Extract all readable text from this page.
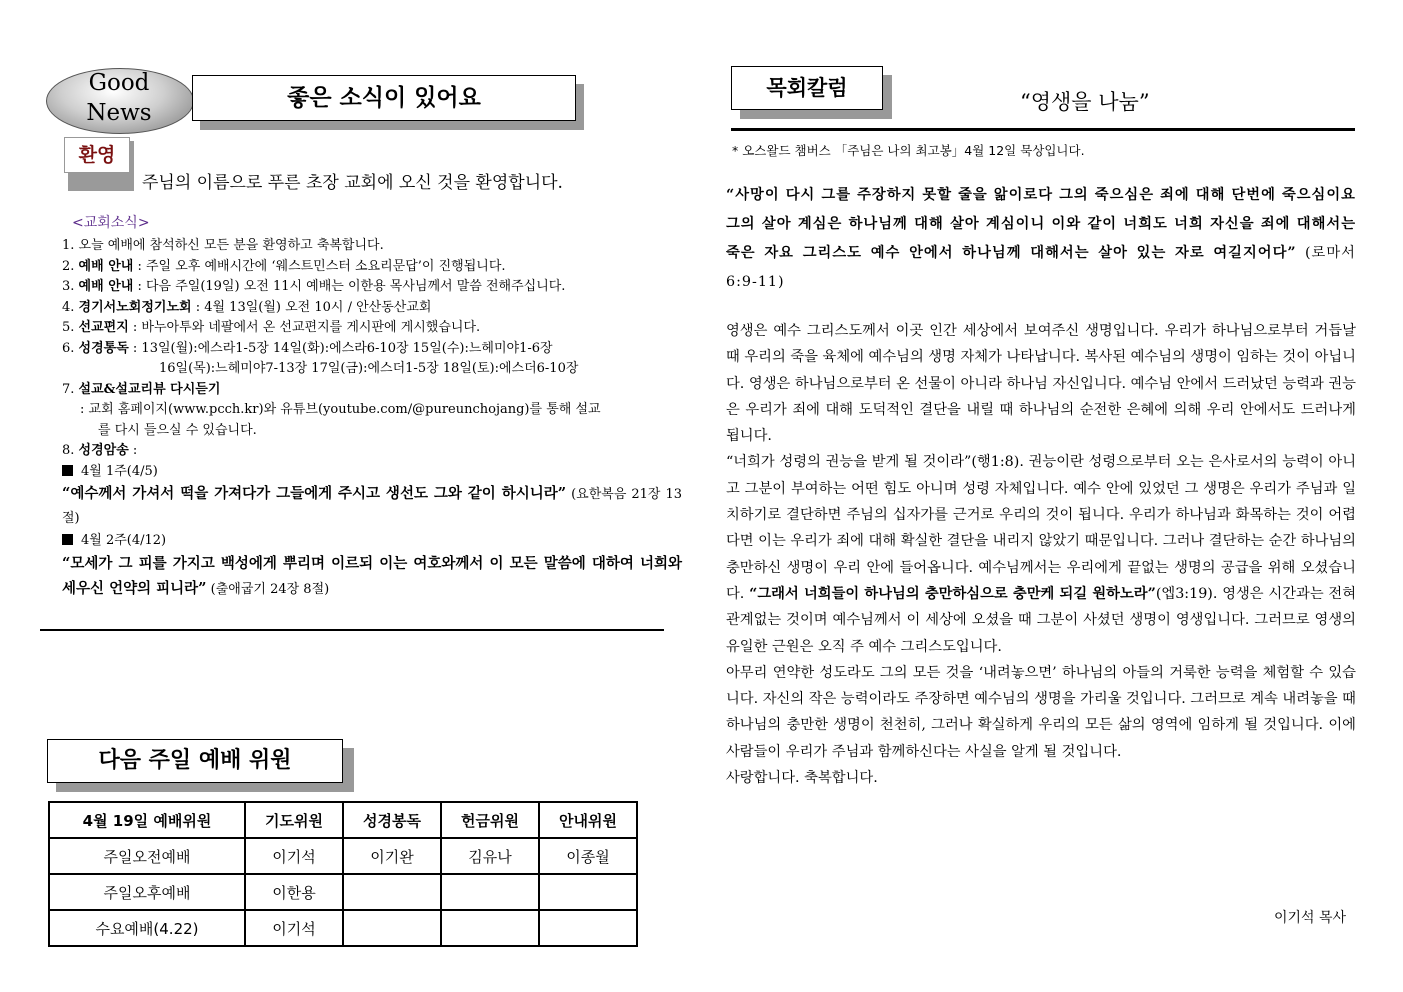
Good
News
좋은 소식이 있어요
환영
주님의 이름으로 푸른 초장 교회에 오신 것을 환영합니다.
<교회소식>
1. 오늘 예배에 참석하신 모든 분을 환영하고 축복합니다.
2. 예배 안내 : 주일 오후 예배시간에 ‘웨스트민스터 소요리문답’이 진행됩니다.
3. 예배 안내 : 다음 주일(19일) 오전 11시 예배는 이한용 목사님께서 말씀 전해주십니다.
4. 경기서노회정기노회 : 4월 13일(월) 오전 10시 / 안산동산교회
5. 선교편지 : 바누아투와 네팔에서 온 선교편지를 게시판에 게시했습니다.
6. 성경통독 : 13일(월):에스라1-5장 14일(화):에스라6-10장 15일(수):느헤미야1-6장
16일(목):느헤미야7-13장 17일(금):에스더1-5장 18일(토):에스더6-10장
7. 설교&설교리뷰 다시듣기
: 교회 홈페이지(www.pcch.kr)와 유튜브(youtube.com/@pureunchojang)를 통해 설교
를 다시 들으실 수 있습니다.
8. 성경암송 :
4월 1주(4/5)
“예수께서 가셔서 떡을 가져다가 그들에게 주시고 생선도 그와 같이 하시니라” (요한복음 21장 13절)
4월 2주(4/12)
“모세가 그 피를 가지고 백성에게 뿌리며 이르되 이는 여호와께서 이 모든 말씀에 대하여 너희와 세우신 언약의 피니라” (출애굽기 24장 8절)
다음 주일 예배 위원
4월 19일 예배위원	기도위원	성경봉독	헌금위원	안내위원
주일오전예배	이기석	이기완	김유나	이종월
주일오후예배	이한용			
수요예배(4.22)	이기석			
목회칼럼
“영생을 나눔”
* 오스왈드 챔버스 「주님은 나의 최고봉」4월 12일 묵상입니다.
“사망이 다시 그를 주장하지 못할 줄을 앎이로다 그의 죽으심은 죄에 대해 단번에 죽으심이요 그의 살아 계심은 하나님께 대해 살아 계심이니 이와 같이 너희도 너희 자신을 죄에 대해서는 죽은 자요 그리스도 예수 안에서 하나님께 대해서는 살아 있는 자로 여길지어다” (로마서 6:9-11)
영생은 예수 그리스도께서 이곳 인간 세상에서 보여주신 생명입니다. 우리가 하나님으로부터 거듭날 때 우리의 죽을 육체에 예수님의 생명 자체가 나타납니다. 복사된 예수님의 생명이 임하는 것이 아닙니다. 영생은 하나님으로부터 온 선물이 아니라 하나님 자신입니다. 예수님 안에서 드러났던 능력과 권능은 우리가 죄에 대해 도덕적인 결단을 내릴 때 하나님의 순전한 은혜에 의해 우리 안에서도 드러나게 됩니다.
“너희가 성령의 권능을 받게 될 것이라”(행1:8). 권능이란 성령으로부터 오는 은사로서의 능력이 아니고 그분이 부여하는 어떤 힘도 아니며 성령 자체입니다. 예수 안에 있었던 그 생명은 우리가 주님과 일치하기로 결단하면 주님의 십자가를 근거로 우리의 것이 됩니다. 우리가 하나님과 화목하는 것이 어렵다면 이는 우리가 죄에 대해 확실한 결단을 내리지 않았기 때문입니다. 그러나 결단하는 순간 하나님의 충만하신 생명이 우리 안에 들어옵니다. 예수님께서는 우리에게 끝없는 생명의 공급을 위해 오셨습니다. “그래서 너희들이 하나님의 충만하심으로 충만케 되길 원하노라”(엡3:19). 영생은 시간과는 전혀 관계없는 것이며 예수님께서 이 세상에 오셨을 때 그분이 사셨던 생명이 영생입니다. 그러므로 영생의 유일한 근원은 오직 주 예수 그리스도입니다.
아무리 연약한 성도라도 그의 모든 것을 ‘내려놓으면’ 하나님의 아들의 거룩한 능력을 체험할 수 있습니다. 자신의 작은 능력이라도 주장하면 예수님의 생명을 가리울 것입니다. 그러므로 계속 내려놓을 때 하나님의 충만한 생명이 천천히, 그러나 확실하게 우리의 모든 삶의 영역에 임하게 될 것입니다. 이에 사람들이 우리가 주님과 함께하신다는 사실을 알게 될 것입니다.
사랑합니다. 축복합니다.
이기석 목사
